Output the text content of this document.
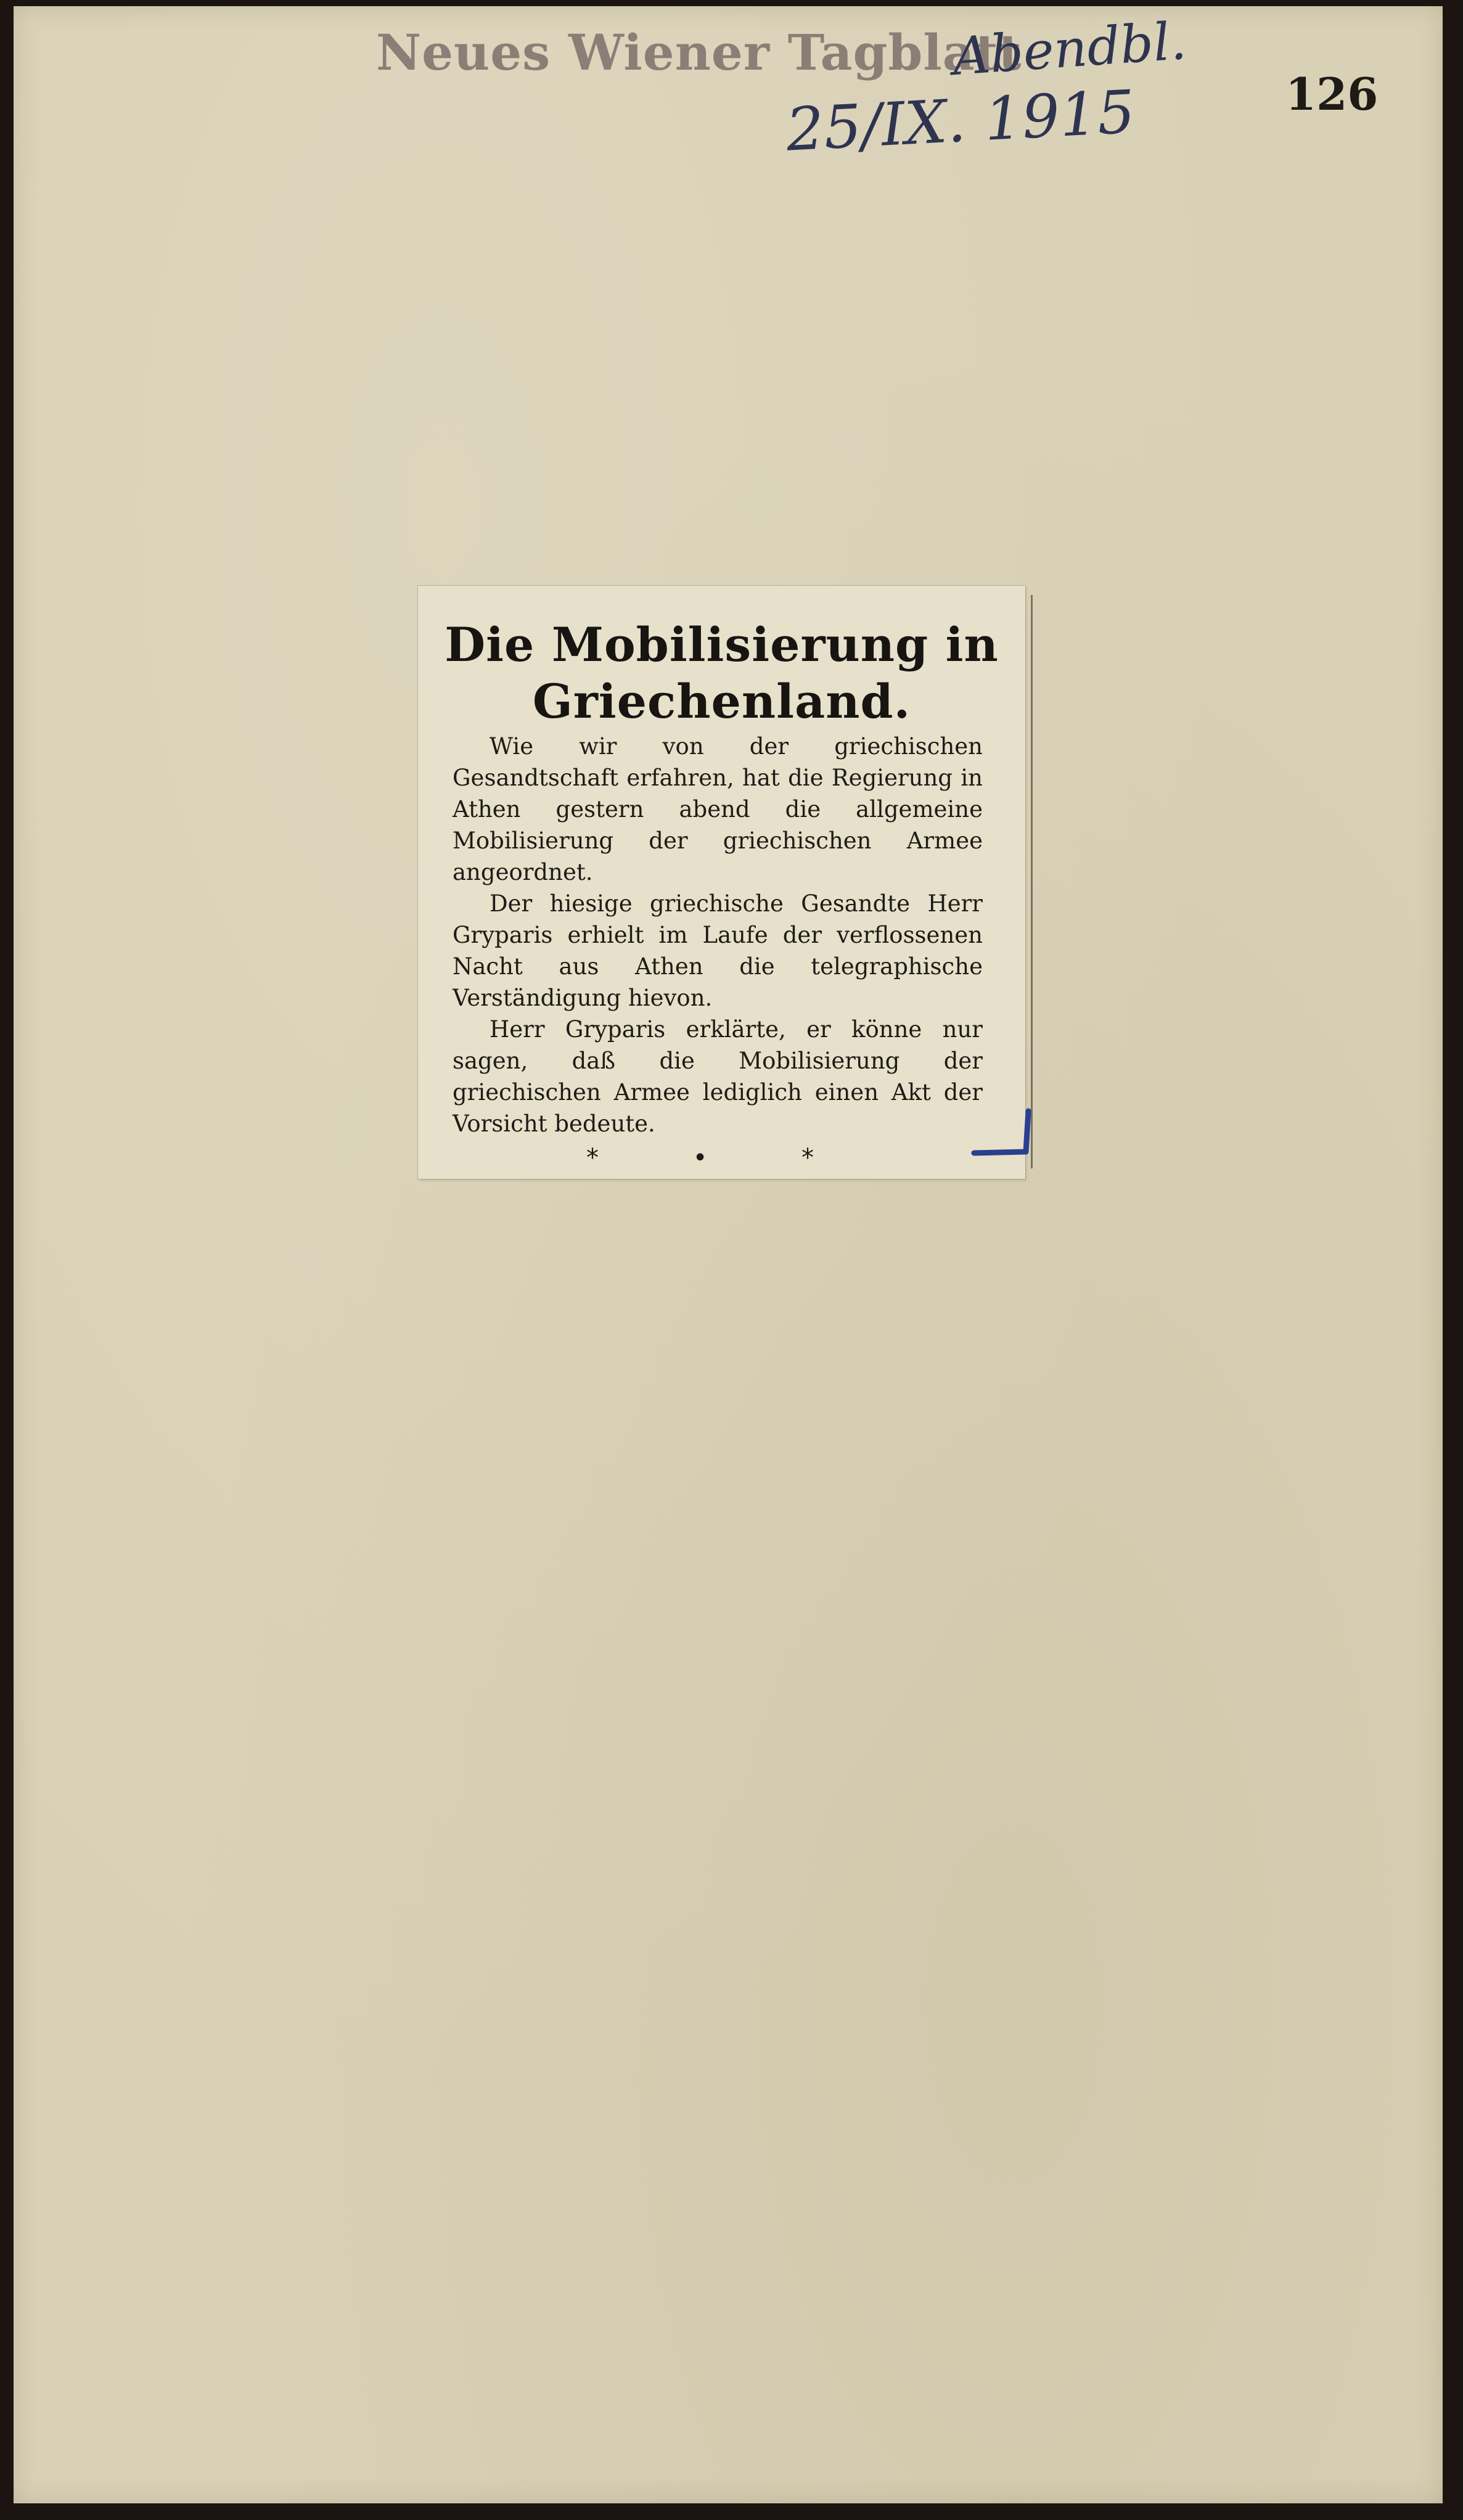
Neues Wiener Tagblatt
Abendbl.
25/IX. 1915	126
Die Mobilisierung in Griechenland.

Wie wir von der griechischen Gesandtschaft erfahren, hat die Regierung in Athen gestern abend die allgemeine Mobilisierung der griechischen Armee angeordnet.

Der hiesige griechische Gesandte Herr Gryparis erhielt im Laufe der verflossenen Nacht aus Athen die telegraphische Verständigung hievon.

Herr Gryparis erklärte, er könne nur sagen, daß die Mobilisierung der griechischen Armee lediglich einen Akt der Vorsicht bedeute.

* • *
